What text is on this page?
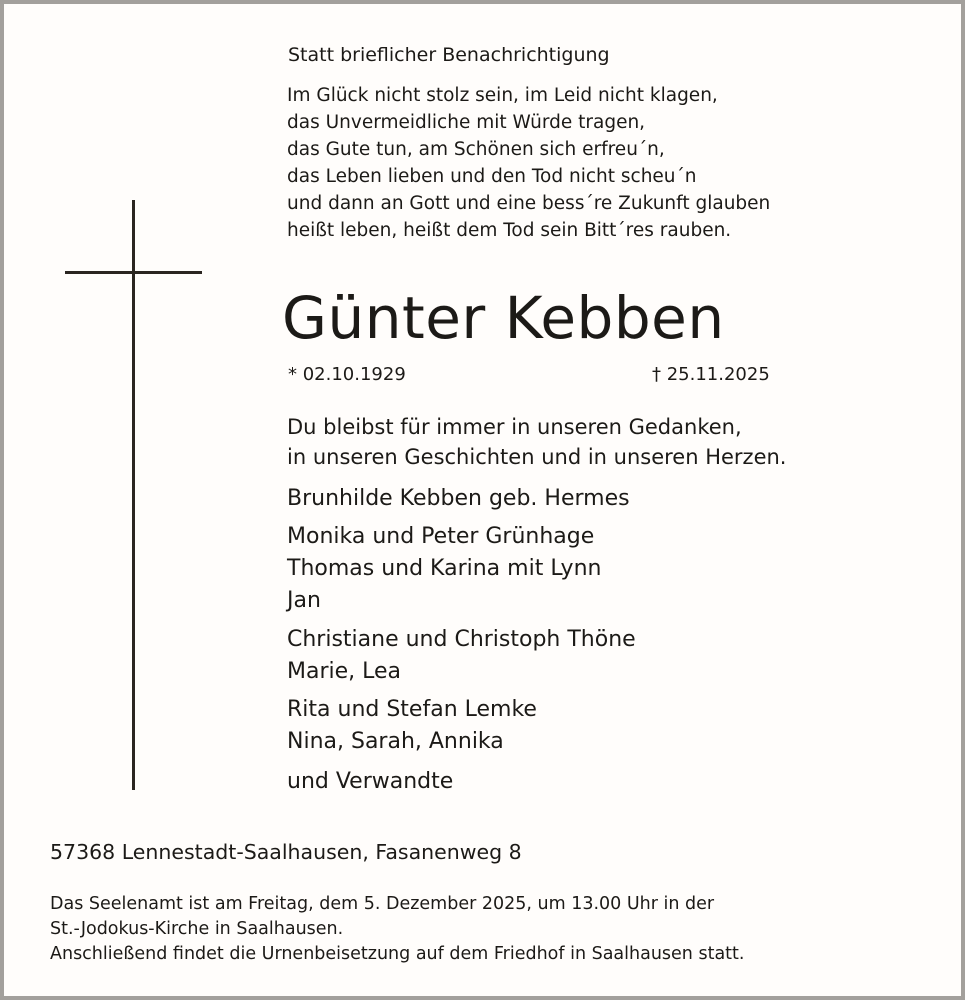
Statt brieflicher Benachrichtigung
Im Glück nicht stolz sein, im Leid nicht klagen,
das Unvermeidliche mit Würde tragen,
das Gute tun, am Schönen sich erfreu´n,
das Leben lieben und den Tod nicht scheu´n
und dann an Gott und eine bess´re Zukunft glauben
heißt leben, heißt dem Tod sein Bitt´res rauben.
Günter Kebben
* 02.10.1929	† 25.11.2025
Du bleibst für immer in unseren Gedanken,
in unseren Geschichten und in unseren Herzen.
Brunhilde Kebben geb. Hermes
Monika und Peter Grünhage
Thomas und Karina mit Lynn
Jan
Christiane und Christoph Thöne
Marie, Lea
Rita und Stefan Lemke
Nina, Sarah, Annika
und Verwandte
57368 Lennestadt-Saalhausen, Fasanenweg 8
Das Seelenamt ist am Freitag, dem 5. Dezember 2025, um 13.00 Uhr in der
St.-Jodokus-Kirche in Saalhausen.
Anschließend findet die Urnenbeisetzung auf dem Friedhof in Saalhausen statt.
